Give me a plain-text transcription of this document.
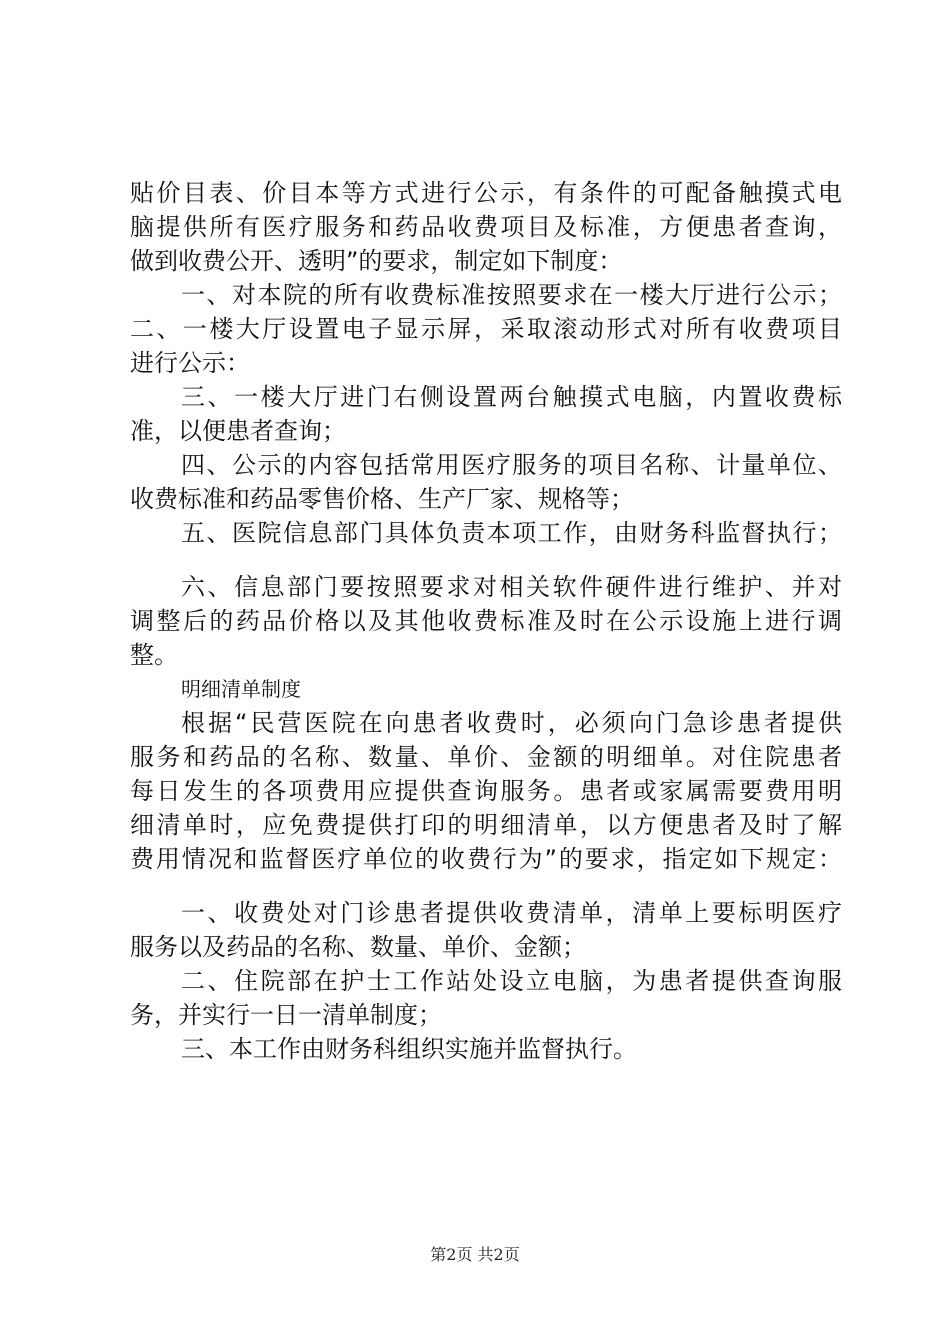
贴价目表、价目本等方式进行公示，有条件的可配备触摸式电
脑提供所有医疗服务和药品收费项目及标准，方便患者查询，
做到收费公开、透明”的要求，制定如下制度：
一、对本院的所有收费标准按照要求在一楼大厅进行公示；
二、一楼大厅设置电子显示屏，采取滚动形式对所有收费项目
进行公示：
三、一楼大厅进门右侧设置两台触摸式电脑，内置收费标
准，以便患者查询；
四、公示的内容包括常用医疗服务的项目名称、计量单位、
收费标准和药品零售价格、生产厂家、规格等；
五、医院信息部门具体负责本项工作，由财务科监督执行；
六、信息部门要按照要求对相关软件硬件进行维护、并对
调整后的药品价格以及其他收费标准及时在公示设施上进行调
整。
明细清单制度
根据“民营医院在向患者收费时，必须向门急诊患者提供
服务和药品的名称、数量、单价、金额的明细单。对住院患者
每日发生的各项费用应提供查询服务。患者或家属需要费用明
细清单时，应免费提供打印的明细清单，以方便患者及时了解
费用情况和监督医疗单位的收费行为”的要求，指定如下规定：
一、收费处对门诊患者提供收费清单，清单上要标明医疗
服务以及药品的名称、数量、单价、金额；
二、住院部在护士工作站处设立电脑，为患者提供查询服
务，并实行一日一清单制度；
三、本工作由财务科组织实施并监督执行。
第2页 共2页
